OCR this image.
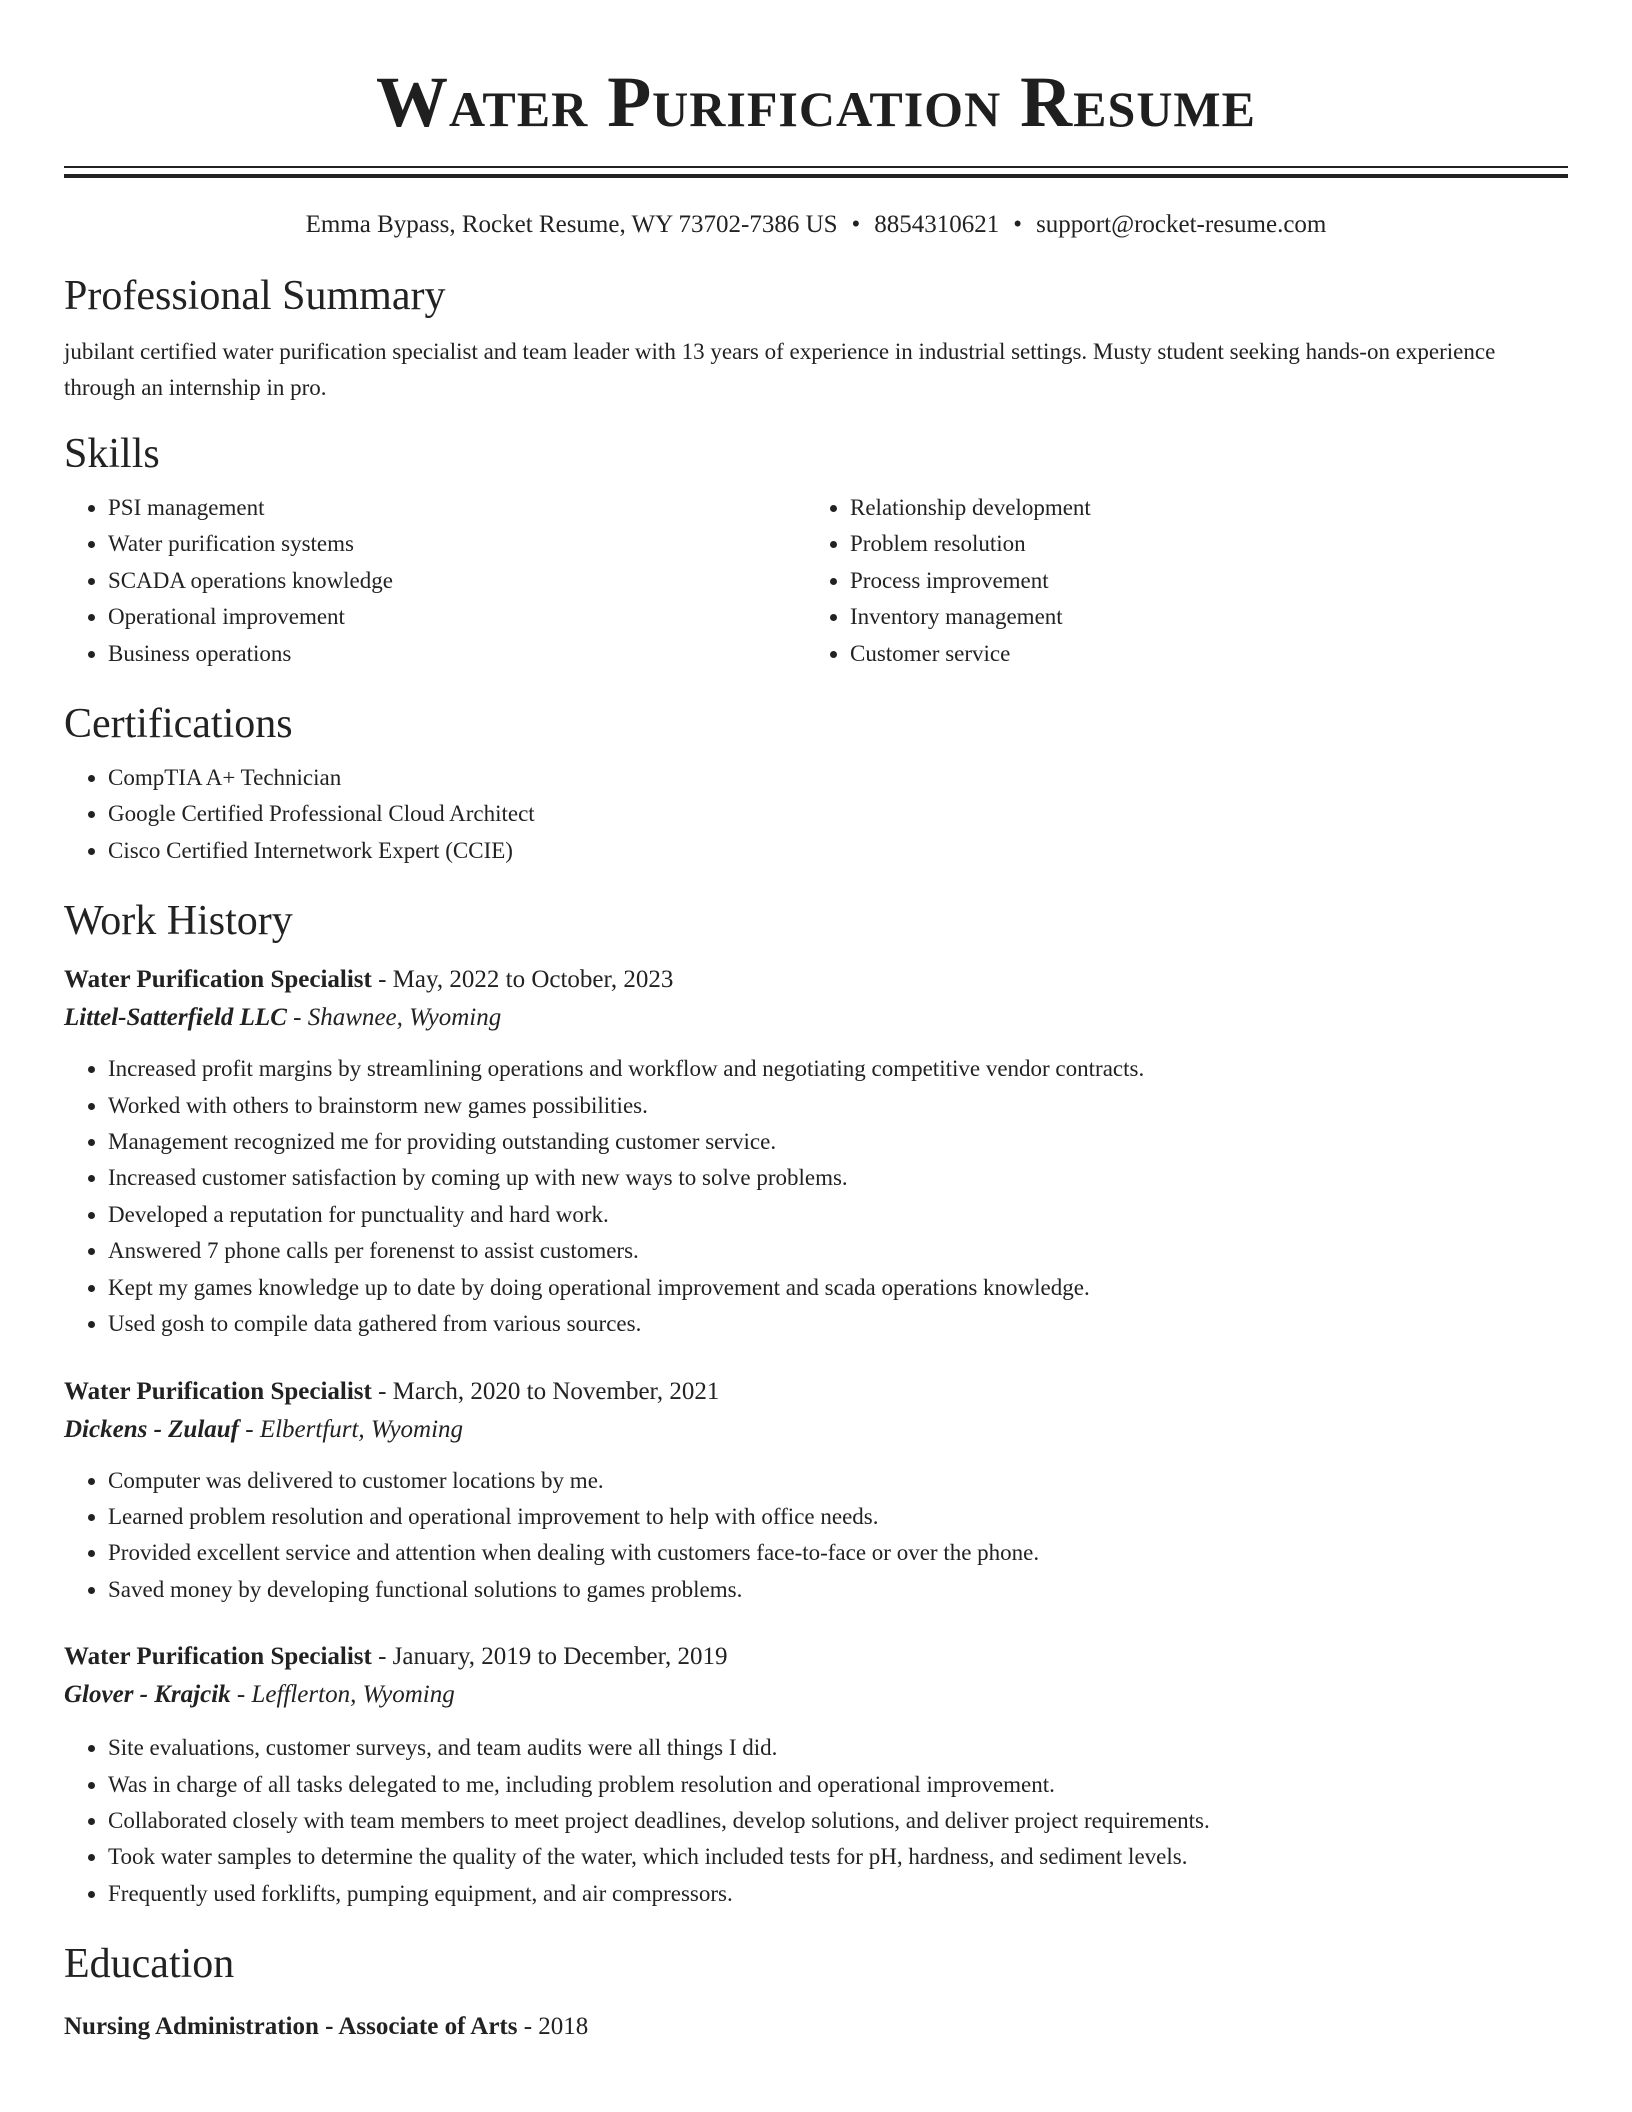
Water Purification Resume
Emma Bypass, Rocket Resume, WY 73702-7386 US • 8854310621 • support@rocket-resume.com
Professional Summary

jubilant certified water purification specialist and team leader with 13 years of experience in industrial settings. Musty student seeking hands-on experience through an internship in pro.

Skills
• PSI management
• Water purification systems
• SCADA operations knowledge
• Operational improvement
• Business operations
• Relationship development
• Problem resolution
• Process improvement
• Inventory management
• Customer service
Certifications
• CompTIA A+ Technician
• Google Certified Professional Cloud Architect
• Cisco Certified Internetwork Expert (CCIE)
Work History

Water Purification Specialist - May, 2022 to October, 2023

Littel-Satterfield LLC - Shawnee, Wyoming

• Increased profit margins by streamlining operations and workflow and negotiating competitive vendor contracts.
• Worked with others to brainstorm new games possibilities.
• Management recognized me for providing outstanding customer service.
• Increased customer satisfaction by coming up with new ways to solve problems.
• Developed a reputation for punctuality and hard work.
• Answered 7 phone calls per forenenst to assist customers.
• Kept my games knowledge up to date by doing operational improvement and scada operations knowledge.
• Used gosh to compile data gathered from various sources.

Water Purification Specialist - March, 2020 to November, 2021

Dickens - Zulauf - Elbertfurt, Wyoming

• Computer was delivered to customer locations by me.
• Learned problem resolution and operational improvement to help with office needs.
• Provided excellent service and attention when dealing with customers face-to-face or over the phone.
• Saved money by developing functional solutions to games problems.

Water Purification Specialist - January, 2019 to December, 2019

Glover - Krajcik - Lefflerton, Wyoming

• Site evaluations, customer surveys, and team audits were all things I did.
• Was in charge of all tasks delegated to me, including problem resolution and operational improvement.
• Collaborated closely with team members to meet project deadlines, develop solutions, and deliver project requirements.
• Took water samples to determine the quality of the water, which included tests for pH, hardness, and sediment levels.
• Frequently used forklifts, pumping equipment, and air compressors.
Education

Nursing Administration - Associate of Arts - 2018
